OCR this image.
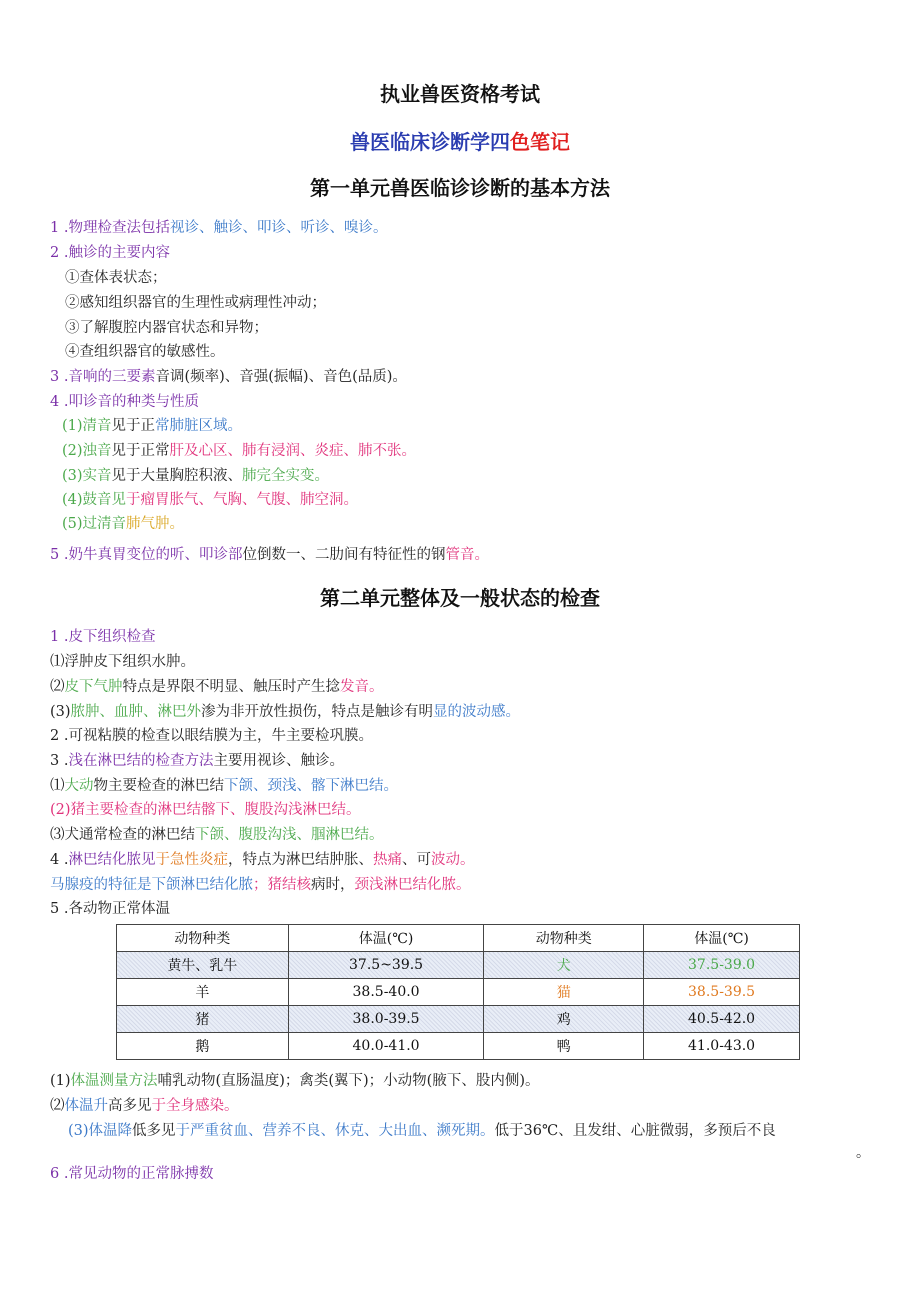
执业兽医资格考试
兽医临床诊断学四色笔记
第一单元兽医临诊诊断的基本方法
1 .物理检查法包括视诊、触诊、叩诊、听诊、嗅诊。
2 .触诊的主要内容
①查体表状态；
②感知组织器官的生理性或病理性冲动；
③了解腹腔内器官状态和异物；
④查组织器官的敏感性。
3 .音响的三要素音调(频率)、音强(振幅)、音色(品质)。
4 .叩诊音的种类与性质
(1)清音见于正常肺脏区域。
(2)浊音见于正常肝及心区、肺有浸润、炎症、肺不张。
(3)实音见于大量胸腔积液、肺完全实变。
(4)鼓音见于瘤胃胀气、气胸、气腹、肺空洞。
(5)过清音肺气肿。
5 .奶牛真胃变位的听、叩诊部位倒数一、二肋间有特征性的钢管音。
第二单元整体及一般状态的检查
1 .皮下组织检查
⑴浮肿皮下组织水肿。
⑵皮下气肿特点是界限不明显、触压时产生捻发音。
(3)脓肿、血肿、淋巴外渗为非开放性损伤，特点是触诊有明显的波动感。
2 .可视粘膜的检查以眼结膜为主，牛主要检巩膜。
3 .浅在淋巴结的检查方法主要用视诊、触诊。
⑴大动物主要检查的淋巴结下颌、颈浅、髂下淋巴结。
(2)猪主要检查的淋巴结髂下、腹股沟浅淋巴结。
⑶犬通常检查的淋巴结下颌、腹股沟浅、腘淋巴结。
4 .淋巴结化脓见于急性炎症，特点为淋巴结肿胀、热痛、可波动。
马腺疫的特征是下颌淋巴结化脓；猪结核病时，颈浅淋巴结化脓。
5 .各动物正常体温
动物种类	体温(℃)	动物种类	体温(℃)
黄牛、乳牛	37.5~39.5	犬	37.5-39.0
羊	38.5-40.0	猫	38.5-39.5
猪	38.0-39.5	鸡	40.5-42.0
鹅	40.0-41.0	鸭	41.0-43.0
(1)体温测量方法哺乳动物(直肠温度)；禽类(翼下)；小动物(腋下、股内侧)。
⑵体温升高多见于全身感染。
(3)体温降低多见于严重贫血、营养不良、休克、大出血、濒死期。低于36℃、且发绀、心脏微弱，多预后不良
。
6 .常见动物的正常脉搏数
